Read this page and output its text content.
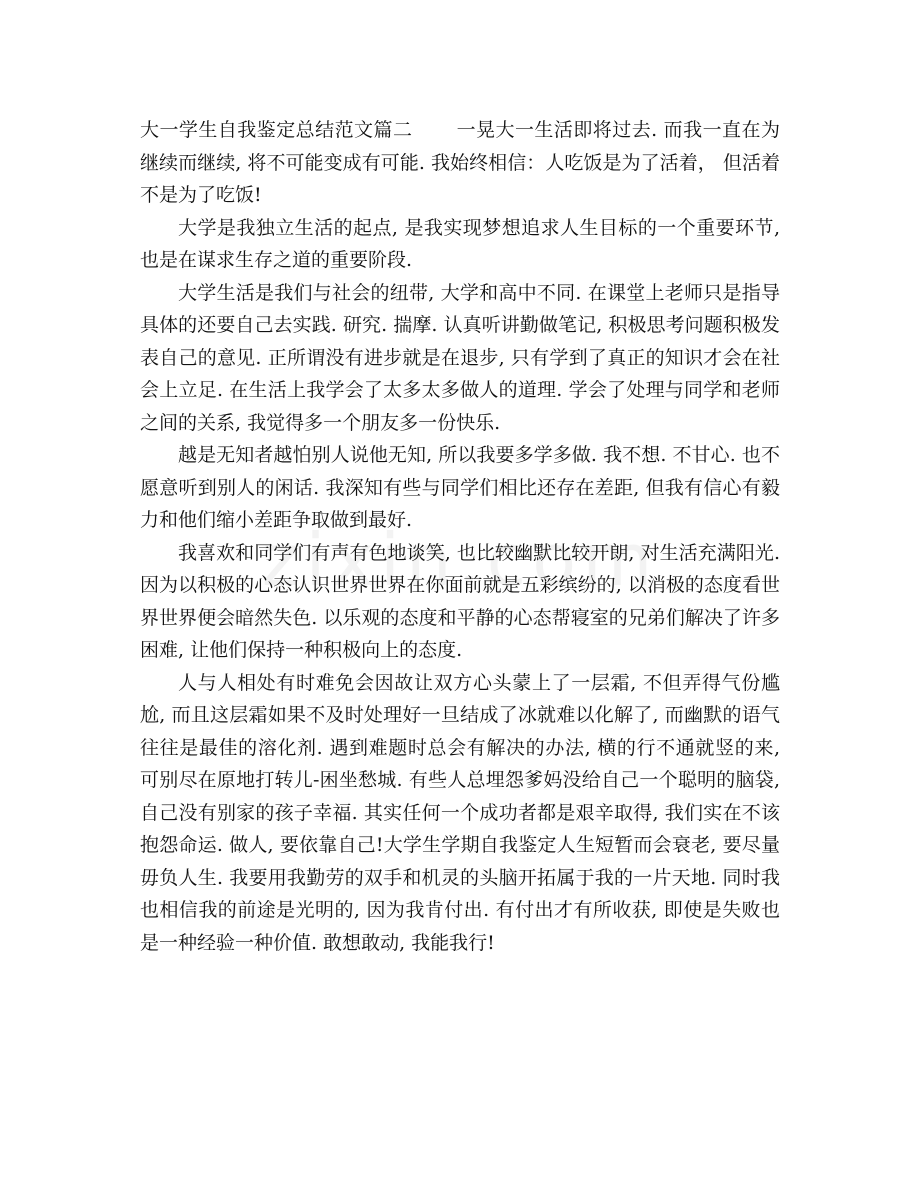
大一学生自我鉴定总结范文篇二 一晃大一生活即将过去. 而我一直在为继续而继续, 将不可能变成有可能. 我始终相信：人吃饭是为了活着， 但活着不是为了吃饭!

大学是我独立生活的起点, 是我实现梦想追求人生目标的一个重要环节, 也是在谋求生存之道的重要阶段.

大学生活是我们与社会的纽带, 大学和高中不同. 在课堂上老师只是指导具体的还要自己去实践. 研究. 揣摩. 认真听讲勤做笔记, 积极思考问题积极发表自己的意见. 正所谓没有进步就是在退步, 只有学到了真正的知识才会在社会上立足. 在生活上我学会了太多太多做人的道理. 学会了处理与同学和老师之间的关系, 我觉得多一个朋友多一份快乐.

越是无知者越怕别人说他无知, 所以我要多学多做. 我不想. 不甘心. 也不愿意听到别人的闲话. 我深知有些与同学们相比还存在差距, 但我有信心有毅力和他们缩小差距争取做到最好.

我喜欢和同学们有声有色地谈笑, 也比较幽默比较开朗, 对生活充满阳光. 因为以积极的心态认识世界世界在你面前就是五彩缤纷的, 以消极的态度看世界世界便会暗然失色. 以乐观的态度和平静的心态帮寝室的兄弟们解决了许多困难, 让他们保持一种积极向上的态度.

人与人相处有时难免会因故让双方心头蒙上了一层霜, 不但弄得气份尴尬, 而且这层霜如果不及时处理好一旦结成了冰就难以化解了, 而幽默的语气往往是最佳的溶化剂. 遇到难题时总会有解决的办法, 横的行不通就竖的来, 可别尽在原地打转儿-困坐愁城. 有些人总埋怨爹妈没给自己一个聪明的脑袋, 自己没有别家的孩子幸福. 其实任何一个成功者都是艰辛取得, 我们实在不该抱怨命运. 做人, 要依靠自己!大学生学期自我鉴定人生短暂而会衰老, 要尽量毋负人生. 我要用我勤劳的双手和机灵的头脑开拓属于我的一片天地. 同时我也相信我的前途是光明的, 因为我肯付出. 有付出才有所收获, 即使是失败也是一种经验一种价值. 敢想敢动, 我能我行!
